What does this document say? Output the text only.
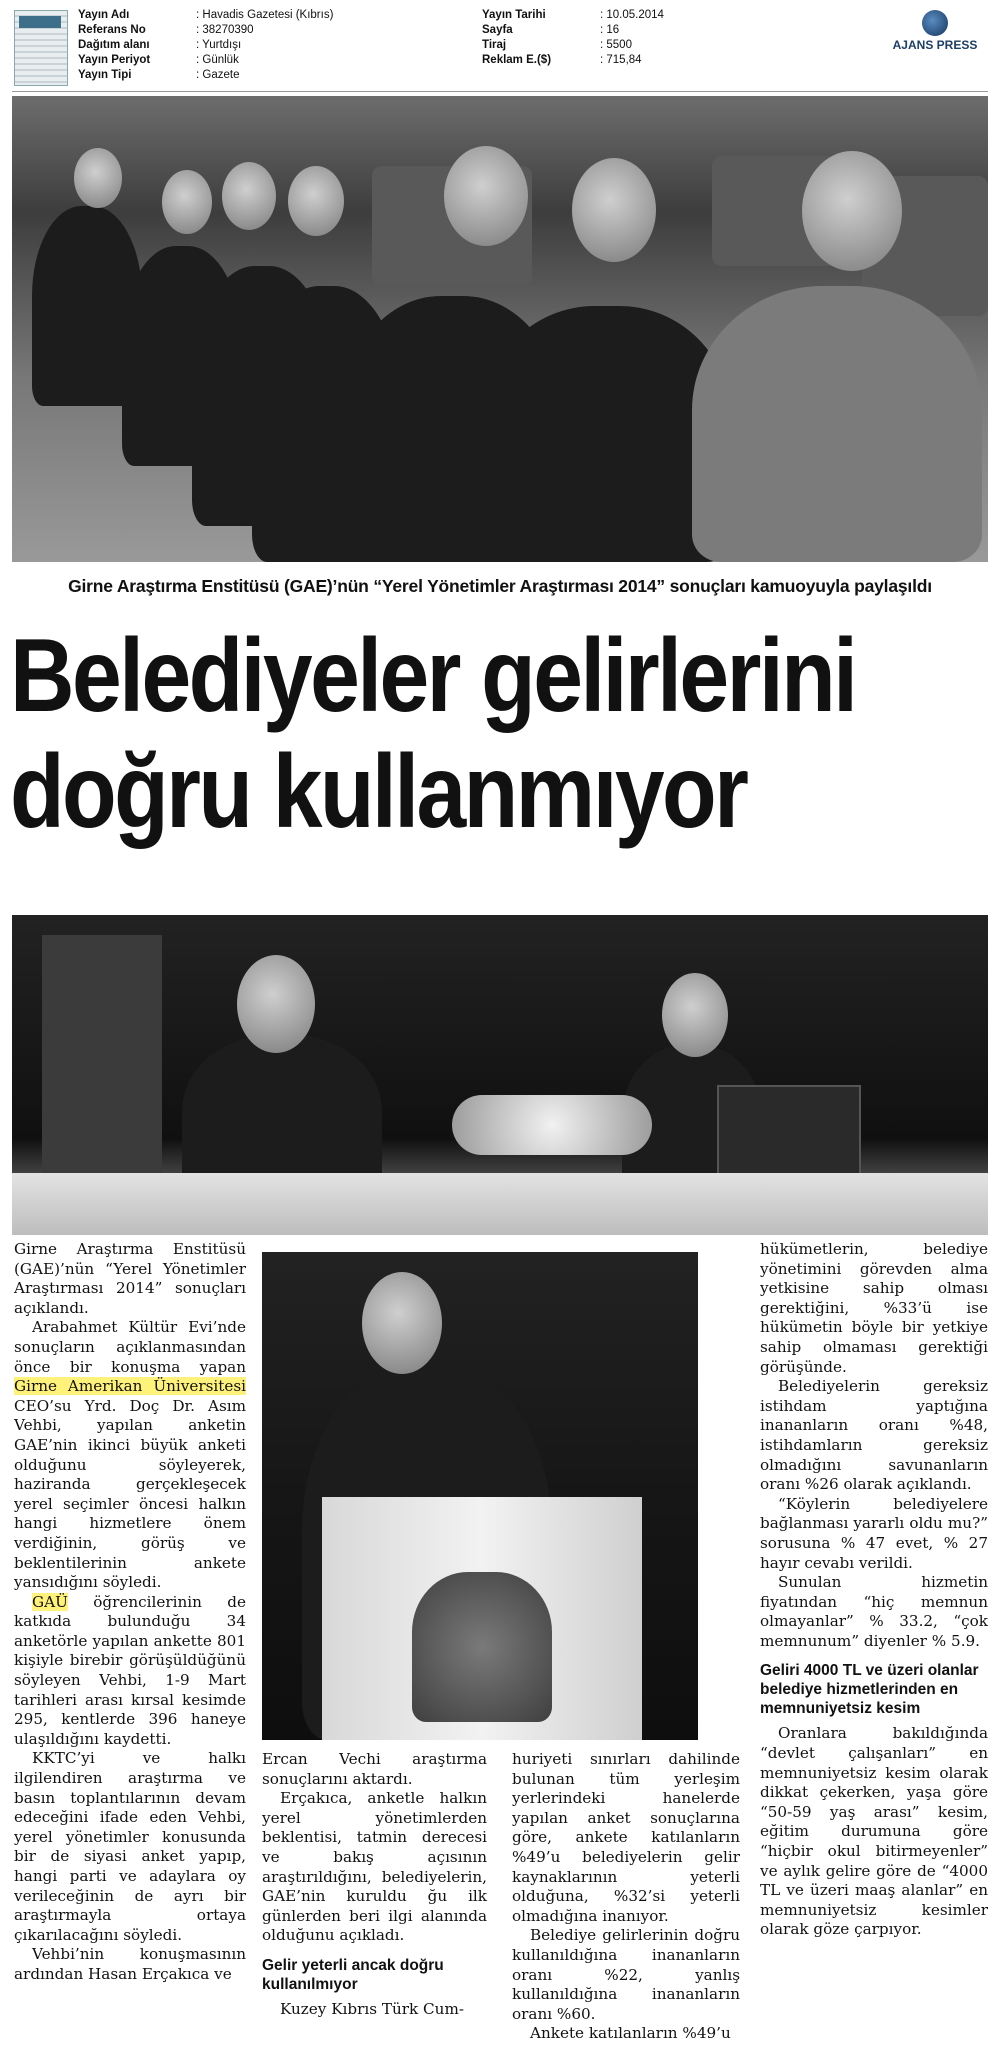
Yayın Adı	: Havadis Gazetesi (Kıbrıs)
Referans No	: 38270390
Dağıtım alanı	: Yurtdışı
Yayın Periyot	: Günlük
Yayın Tipi	: Gazete
Yayın Tarihi	: 10.05.2014
Sayfa	: 16
Tiraj	: 5500
Reklam E.($)	: 715,84
AJANS PRESS
Girne Araştırma Enstitüsü (GAE)’nün “Yerel Yönetimler Araştırması 2014” sonuçları kamuoyuyla paylaşıldı
Belediyeler gelirlerini
doğru kullanmıyor

Girne Araştırma Enstitüsü (GAE)’nün “Yerel Yönetimler Araştırması 2014” sonuçları açıklandı.

Arabahmet Kültür Evi’nde sonuçların açıklanmasından önce bir konuşma yapan Girne Amerikan Üniversitesi CEO’su Yrd. Doç Dr. Asım Vehbi, yapılan anketin GAE’nin ikinci büyük anketi olduğunu söyleyerek, haziranda gerçekleşecek yerel seçimler öncesi halkın hangi hizmetlere önem verdiğinin, görüş ve beklentilerinin ankete yansıdığını söyledi.

GAÜ öğrencilerinin de katkıda bulunduğu 34 anketörle yapılan ankette 801 kişiyle birebir görüşüldüğünü söyleyen Vehbi, 1-9 Mart tarihleri arası kırsal kesimde 295, kentlerde 396 haneye ulaşıldığını kaydetti.

KKTC’yi ve halkı ilgilendiren araştırma ve basın toplantılarının devam edeceğini ifade eden Vehbi, yerel yönetimler konusunda bir de siyasi anket yapıp, hangi parti ve adaylara oy verileceğinin de ayrı bir araştırmayla ortaya çıkarılacağını söyledi.

Vehbi’nin konuşmasının ardından Hasan Erçakıca ve

Ercan Vechi araştırma sonuçlarını aktardı.

Erçakıca, anketle halkın yerel yönetimlerden beklentisi, tatmin derecesi ve bakış açısının araştırıldığını, belediyelerin, GAE’nin kuruldu ğu ilk günlerden beri ilgi alanında olduğunu açıkladı.

Gelir yeterli ancak doğru kullanılmıyor

Kuzey Kıbrıs Türk Cum-

huriyeti sınırları dahilinde bulunan tüm yerleşim yerlerindeki hanelerde yapılan anket sonuçlarına göre, ankete katılanların %49’u belediyelerin gelir kaynaklarının yeterli olduğuna, %32’si yeterli olmadığına inanıyor.

Belediye gelirlerinin doğru kullanıldığına inananların oranı %22, yanlış kullanıldığına inananların oranı %60.

Ankete katılanların %49’u

hükümetlerin, belediye yönetimini görevden alma yetkisine sahip olması gerektiğini, %33’ü ise hükümetin böyle bir yetkiye sahip olmaması gerektiği görüşünde.

Belediyelerin gereksiz istihdam yaptığına inananların oranı %48, istihdamların gereksiz olmadığını savunanların oranı %26 olarak açıklandı.

“Köylerin belediyelere bağlanması yararlı oldu mu?” sorusuna % 47 evet, % 27 hayır cevabı verildi.

Sunulan hizmetin fiyatından “hiç memnun olmayanlar” % 33.2, “çok memnunum” diyenler % 5.9.

Geliri 4000 TL ve üzeri olanlar belediye hizmetlerinden en memnuniyetsiz kesim

Oranlara bakıldığında “devlet çalışanları” en memnuniyetsiz kesim olarak dikkat çekerken, yaşa göre “50-59 yaş arası” kesim, eğitim durumuna göre “hiçbir okul bitirmeyenler” ve aylık gelire göre de “4000 TL ve üzeri maaş alanlar” en memnuniyetsiz kesimler olarak göze çarpıyor.
